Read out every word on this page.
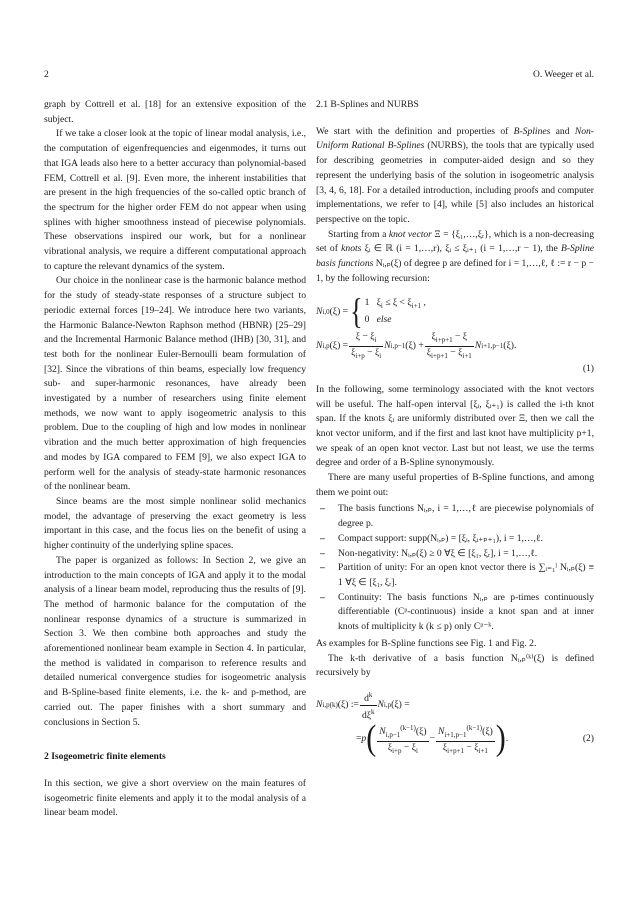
2	O. Weeger et al.

graph by Cottrell et al. [18] for an extensive exposition of the subject.

If we take a closer look at the topic of linear modal analysis, i.e., the computation of eigenfrequencies and eigenmodes, it turns out that IGA leads also here to a better accuracy than polynomial-based FEM, Cottrell et al. [9]. Even more, the inherent instabilities that are present in the high frequencies of the so-called optic branch of the spectrum for the higher order FEM do not appear when using splines with higher smoothness instead of piecewise polynomials. These observations inspired our work, but for a nonlinear vibrational analysis, we require a different computational approach to capture the relevant dynamics of the system.

Our choice in the nonlinear case is the harmonic balance method for the study of steady-state responses of a structure subject to periodic external forces [19–24]. We introduce here two variants, the Harmonic Balance-Newton Raphson method (HBNR) [25–29] and the Incremental Harmonic Balance method (IHB) [30, 31], and test both for the nonlinear Euler-Bernoulli beam formulation of [32]. Since the vibrations of thin beams, especially low frequency sub- and super-harmonic resonances, have already been investigated by a number of researchers using finite element methods, we now want to apply isogeometric analysis to this problem. Due to the coupling of high and low modes in nonlinear vibration and the much better approximation of high frequencies and modes by IGA compared to FEM [9], we also expect IGA to perform well for the analysis of steady-state harmonic resonances of the nonlinear beam.

Since beams are the most simple nonlinear solid mechanics model, the advantage of preserving the exact geometry is less important in this case, and the focus lies on the benefit of using a higher continuity of the underlying spline spaces.

The paper is organized as follows: In Section 2, we give an introduction to the main concepts of IGA and apply it to the modal analysis of a linear beam model, reproducing thus the results of [9]. The method of harmonic balance for the computation of the nonlinear response dynamics of a structure is summarized in Section 3. We then combine both approaches and study the aforementioned nonlinear beam example in Section 4. In particular, the method is validated in comparison to reference results and detailed numerical convergence studies for isogeometric analysis and B-Spline-based finite elements, i.e. the k- and p-method, are carried out. The paper finishes with a short summary and conclusions in Section 5.

2 Isogeometric finite elements

In this section, we give a short overview on the main features of isogeometric finite elements and apply it to the modal analysis of a linear beam model.

2.1 B-Splines and NURBS

We start with the definition and properties of B-Splines and Non-Uniform Rational B-Splines (NURBS), the tools that are typically used for describing geometries in computer-aided design and so they represent the underlying basis of the solution in isogeometric analysis [3, 4, 6, 18]. For a detailed introduction, including proofs and computer implementations, we refer to [4], while [5] also includes an historical perspective on the topic.

Starting from a knot vector Ξ = {ξ₁,…,ξᵣ}, which is a non-decreasing set of knots ξᵢ ∈ ℝ (i = 1,…,r), ξᵢ ≤ ξᵢ₊₁ (i = 1,…,r − 1), the B-Spline basis functions Nᵢ,ₚ(ξ) of degree p are defined for i = 1,…,ℓ, ℓ := r − p − 1, by the following recursion:

N i,0 (ξ) = { 1   $\xi_i \le \xi < \xi_{i+1}$ ,
0   else
N i,p $(\xi) = \frac{\xi - \xi_i}{\xi_{i+p} - \xi_i}$ N i,p−1 $(\xi) + \frac{\xi_{i+p+1} - \xi}{\xi_{i+p+1} - \xi_{i+1}}$ N i+1,p−1 (ξ).
(1)

In the following, some terminology associated with the knot vectors will be useful. The half-open interval [ξᵢ, ξᵢ₊₁) is called the i-th knot span. If the knots ξᵢ are uniformly distributed over Ξ, then we call the knot vector uniform, and if the first and last knot have multiplicity p+1, we speak of an open knot vector. Last but not least, we use the terms degree and order of a B-Spline synonymously.

There are many useful properties of B-Spline functions, and among them we point out:

– The basis functions Nᵢ,ₚ, i = 1,…,ℓ are piecewise polynomials of degree p.
– Compact support: supp(Nᵢ,ₚ) = [ξᵢ, ξᵢ₊ₚ₊₁), i = 1,…,ℓ.
– Non-negativity: Nᵢ,ₚ(ξ) ≥ 0 ∀ξ ∈ [ξ₁, ξᵣ], i = 1,…,ℓ.
– Partition of unity: For an open knot vector there is ∑ᵢ₌₁ˡ Nᵢ,ₚ(ξ) ≡ 1 ∀ξ ∈ [ξ₁, ξᵣ].
– Continuity: The basis functions Nᵢ,ₚ are p-times continuously differentiable (Cᵖ-continuous) inside a knot span and at inner knots of multiplicity k (k ≤ p) only Cᵖ⁻ᵏ.

As examples for B-Spline functions see Fig. 1 and Fig. 2.

The k-th derivative of a basis function Nᵢ,ₚ⁽ᵏ⁾(ξ) is defined recursively by

N i,p (k) (ξ) := $\frac{d^k}{d\xi^k}$ N i,p (ξ) =
= p ( $\frac{N_{i,p-1}^{(k-1)}(\xi)}{\xi_{i+p} - \xi_i} - \frac{N_{i+1,p-1}^{(k-1)}(\xi)}{\xi_{i+p+1} - \xi_{i+1}}$ ) .	(2)
